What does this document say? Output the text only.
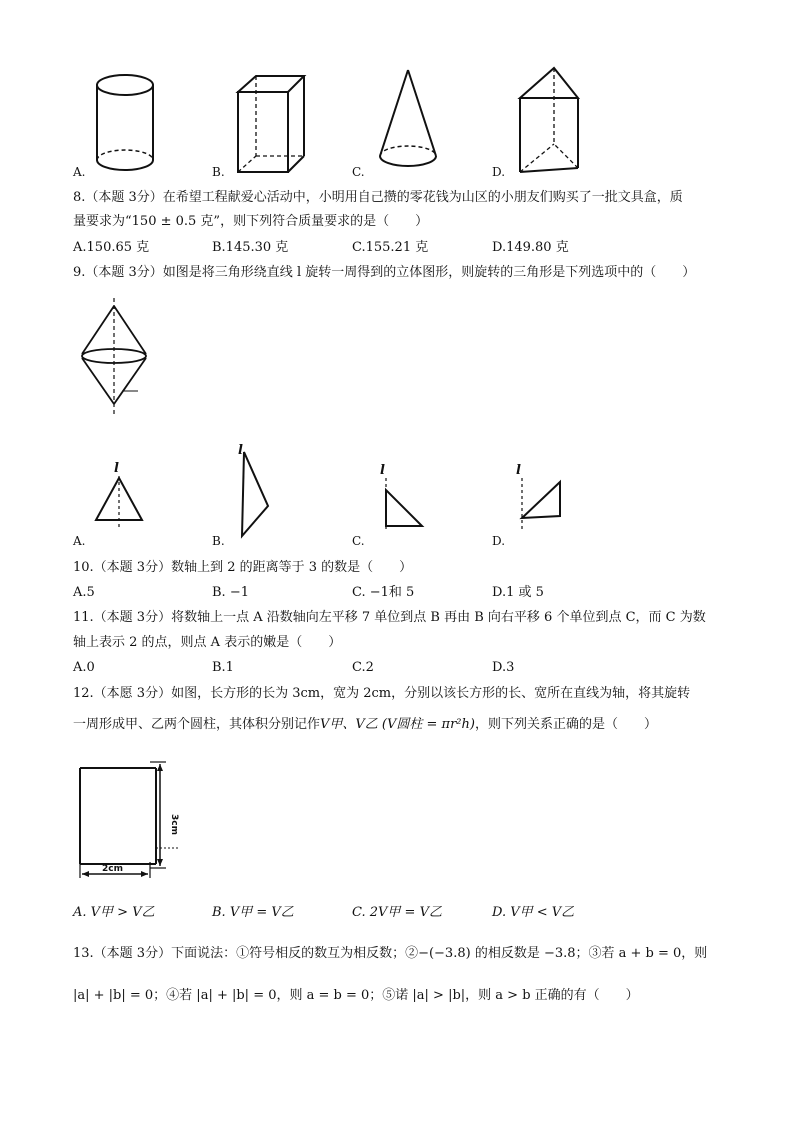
A.	B.	C.	D.
8.（本题 3分）在希望工程献爱心活动中，小明用自己攒的零花钱为山区的小朋友们购买了一批文具盒，质
量要求为“150 ± 0.5 克”，则下列符合质量要求的是（　　）
A.150.65 克	B.145.30 克	C.155.21 克	D.149.80 克
9.（本题 3分）如图是将三角形绕直线 l 旋转一周得到的立体图形，则旋转的三角形是下列选项中的（　　）
l
l
l	l
A.	B.	C.	D.
10.（本题 3分）数轴上到 2 的距离等于 3 的数是（　　）
A.5	B. −1	C. −1和 5	D.1 或 5
11.（本题 3分）将数轴上一点 A 沿数轴向左平移 7 单位到点 B 再由 B 向右平移 6 个单位到点 C，而 C 为数
轴上表示 2 的点，则点 A 表示的嫩是（　　）
A.0	B.1	C.2	D.3
12.（本愿 3分）如图，长方形的长为 3cm，宽为 2cm，分别以该长方形的长、宽所在直线为轴，将其旋转
一周形成甲、乙两个圆柱，其体积分别记作V甲、V乙 (V圆柱 = πr²h)，则下列关系正确的是（　　）
3cm
2cm
A. V甲 > V乙	B. V甲 = V乙	C. 2V甲 = V乙	D. V甲 < V乙
13.（本题 3分）下面说法：①符号相反的数互为相反数；②−(−3.8) 的相反数是 −3.8；③若 a + b = 0，则
|a| + |b| = 0；④若 |a| + |b| = 0，则 a = b = 0；⑤诺 |a| > |b|，则 a > b 正确的有（　　）
